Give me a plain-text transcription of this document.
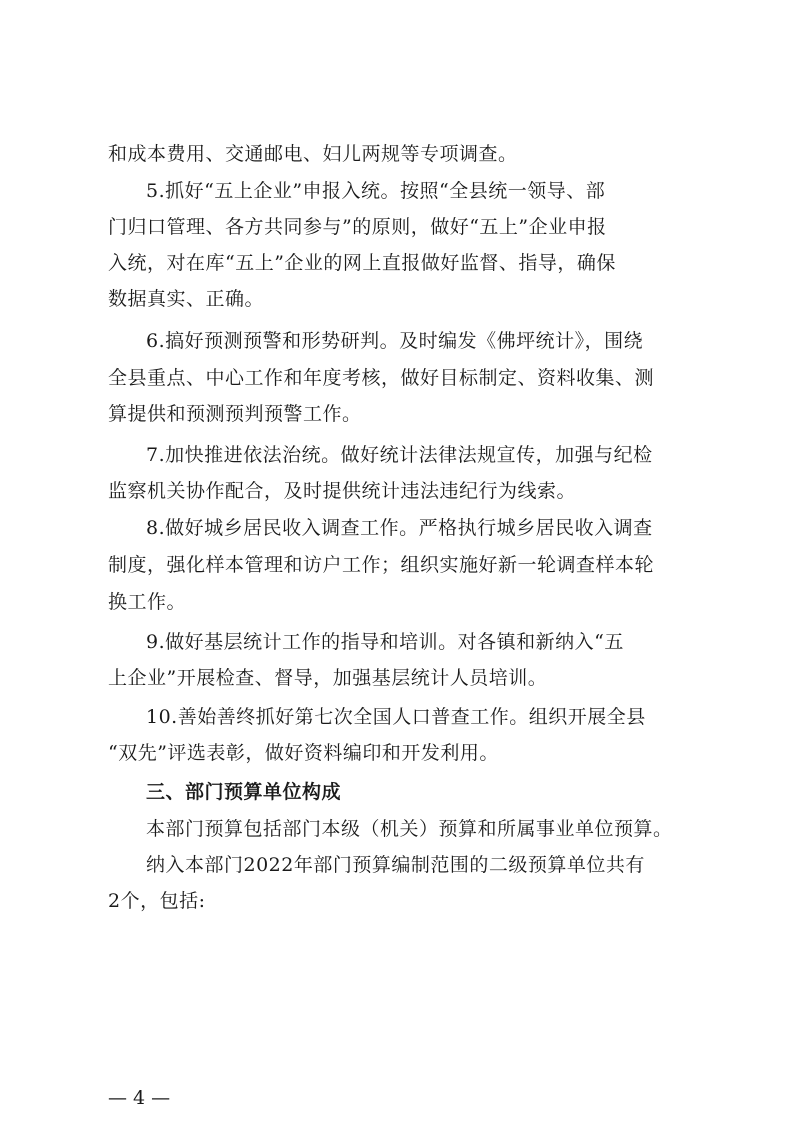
和成本费用、交通邮电、妇儿两规等专项调查。
5.抓好“五上企业”申报入统。按照“全县统一领导、部
门归口管理、各方共同参与”的原则，做好“五上”企业申报
入统，对在库“五上”企业的网上直报做好监督、指导，确保
数据真实、正确。
6.搞好预测预警和形势研判。及时编发《佛坪统计》，围绕
全县重点、中心工作和年度考核，做好目标制定、资料收集、测
算提供和预测预判预警工作。
7.加快推进依法治统。做好统计法律法规宣传，加强与纪检
监察机关协作配合，及时提供统计违法违纪行为线索。
8.做好城乡居民收入调查工作。严格执行城乡居民收入调查
制度，强化样本管理和访户工作；组织实施好新一轮调查样本轮
换工作。
9.做好基层统计工作的指导和培训。对各镇和新纳入“五
上企业”开展检查、督导，加强基层统计人员培训。
10.善始善终抓好第七次全国人口普查工作。组织开展全县
“双先”评选表彰，做好资料编印和开发利用。
三、部门预算单位构成
本部门预算包括部门本级（机关）预算和所属事业单位预算。
纳入本部门2022年部门预算编制范围的二级预算单位共有
2个，包括:
— 4 —
